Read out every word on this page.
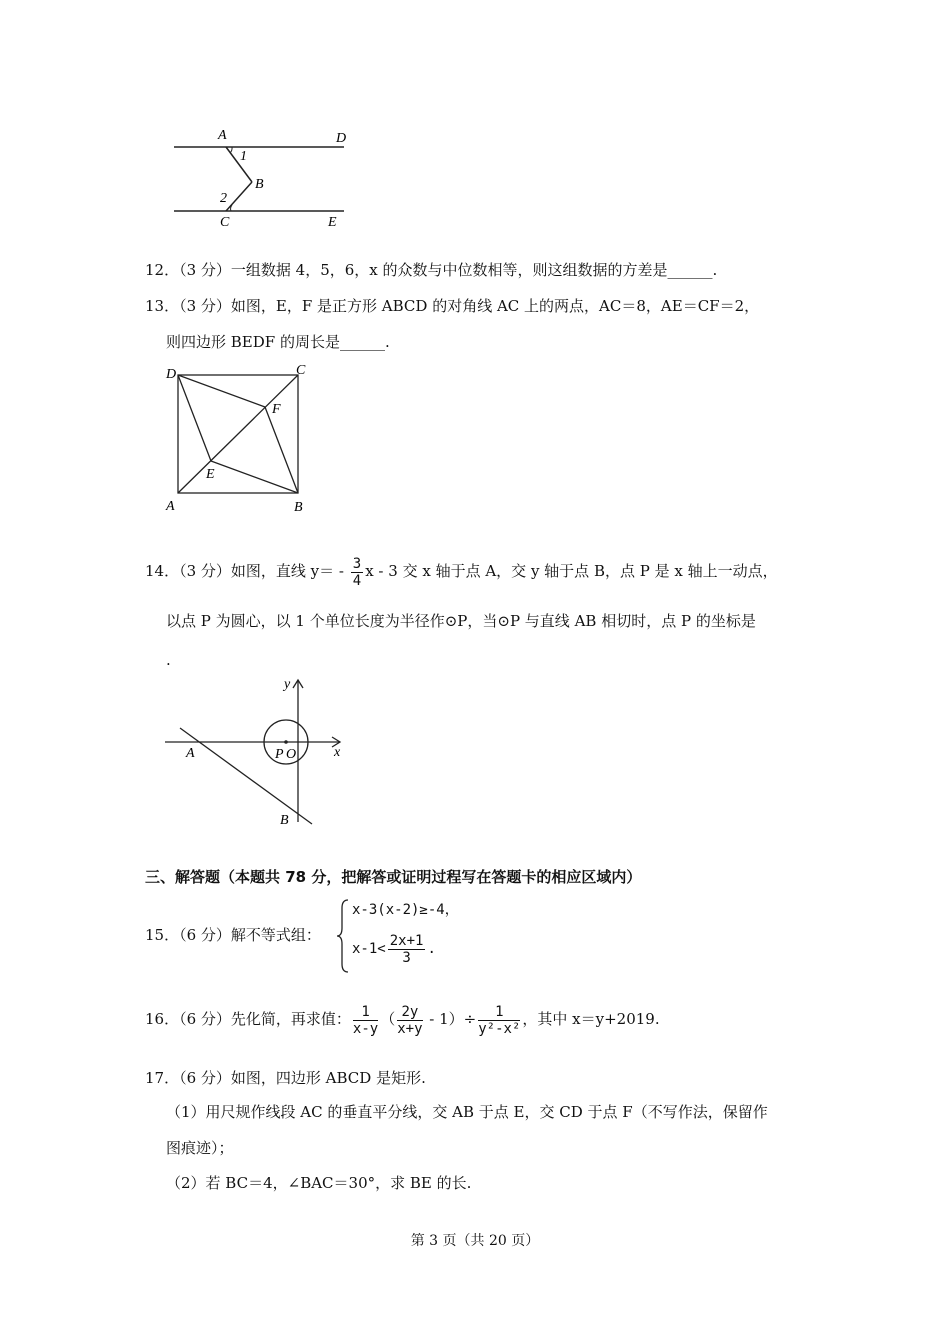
A	D
1
B
2
C	E
12．（3 分）一组数据 4，5，6，x 的众数与中位数相等，则这组数据的方差是______.
13．（3 分）如图，E，F 是正方形 ABCD 的对角线 AC 上的两点，AC＝8，AE＝CF＝2，
则四边形 BEDF 的周长是______.
D	C
F
E
A	B
14．（3 分）如图，直线 $y= - \frac{3}{4}$ x - 3 交 x 轴于点 A，交 y 轴于点 B，点 P 是 x 轴上一动点，
以点 P 为圆心，以 1 个单位长度为半径作⊙P，当⊙P 与直线 AB 相切时，点 P 的坐标是
.
y
x
A	P O
B
三、解答题（本题共 78 分，把解答或证明过程写在答题卡的相应区域内）
15．（6 分）解不等式组：
x-3(x-2)≥-4，
$x-1< \frac{2x+1}{3}$ .
16．（6 分）先化简，再求值： $\frac{1}{x-y}$ （ $\frac{2y}{x+y} - 1)\div \frac{1}{\text{y²-x²}}$ ，其中 x＝y+2019.
17．（6 分）如图，四边形 ABCD 是矩形.
（1）用尺规作线段 AC 的垂直平分线，交 AB 于点 E，交 CD 于点 F（不写作法，保留作
图痕迹）；
（2）若 BC＝4，∠BAC＝30°，求 BE 的长.
第 3 页（共 20 页）
